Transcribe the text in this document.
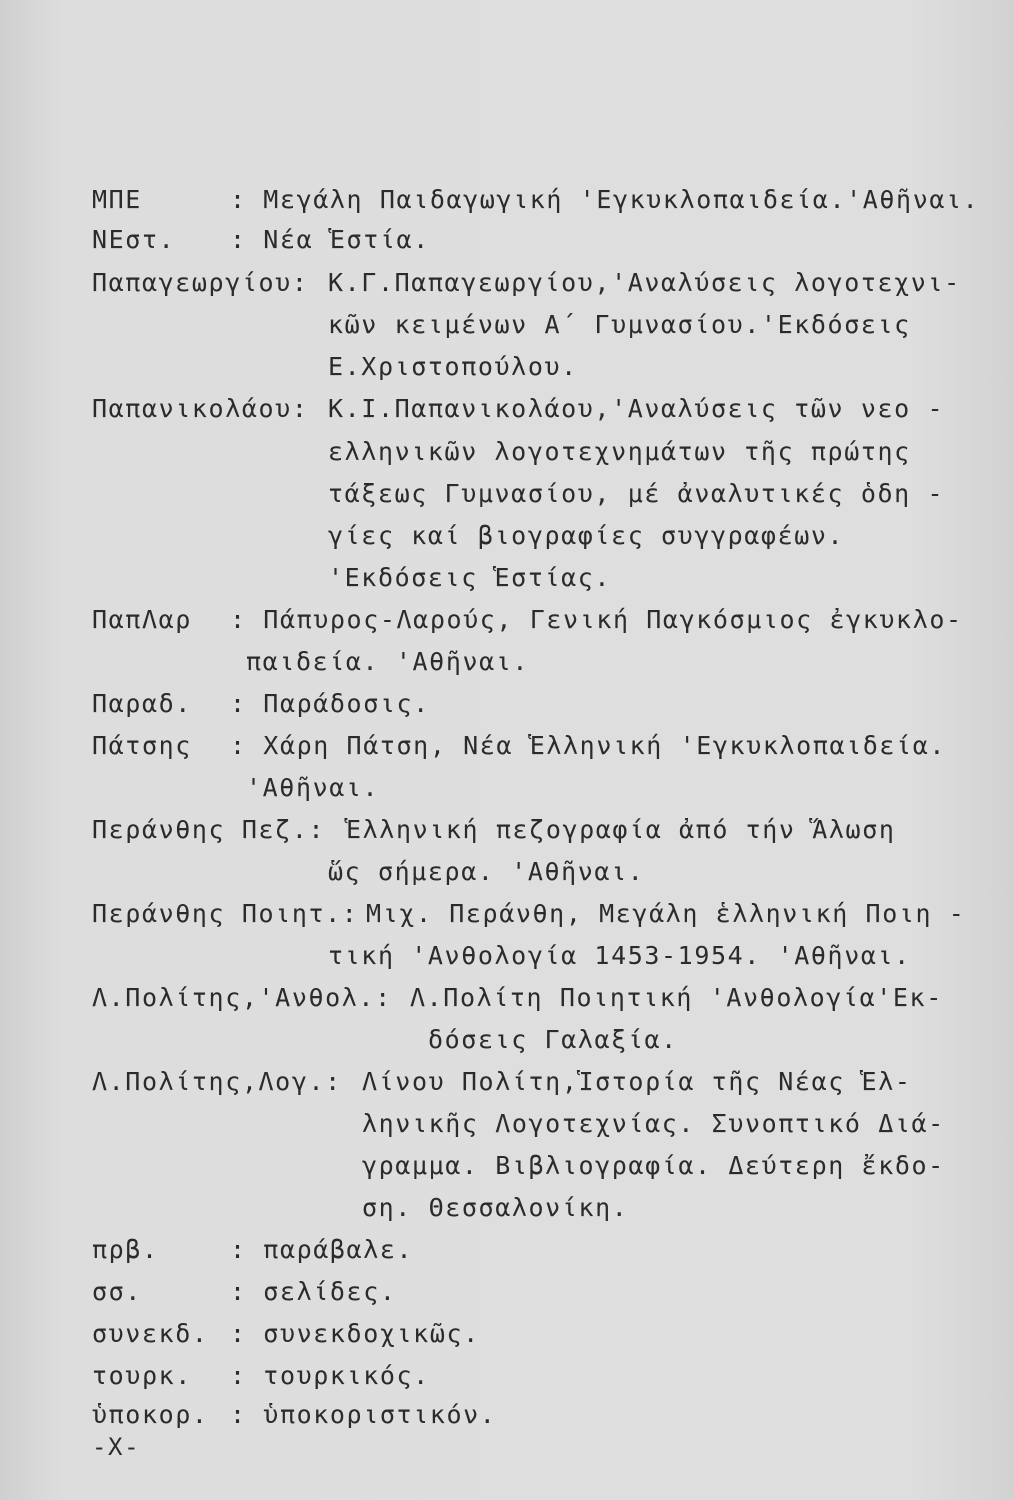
ΜΠΕ	: Μεγάλη Παιδαγωγική 'Εγκυκλοπαιδεία.'Αθῆναι.
ΝΕστ. : Νέα Ἑστία.
Παπαγεωργίου: Κ.Γ.Παπαγεωργίου,'Αναλύσεις λογοτεχνι-
κῶν κειμένων Α΄ Γυμνασίου.'Εκδόσεις
Ε.Χριστοπούλου.
Παπανικολάου: Κ.Ι.Παπανικολάου,'Αναλύσεις τῶν νεο -
ελληνικῶν λογοτεχνημάτων τῆς πρώτης
τάξεως Γυμνασίου, μέ ἀναλυτικές ὁδη -
γίες καί βιογραφίες συγγραφέων.
'Εκδόσεις Ἑστίας.
ΠαπΛαρ : Πάπυρος-Λαρούς, Γενική Παγκόσμιος ἐγκυκλο-
παιδεία. 'Αθῆναι.
Παραδ. : Παράδοσις.
Πάτσης : Χάρη Πάτση, Νέα Ἑλληνική 'Εγκυκλοπαιδεία.
'Αθῆναι.
Περάνθης Πεζ.: Ἑλληνική πεζογραφία ἀπό τήν Ἅλωση
ὥς σήμερα. 'Αθῆναι.
Περάνθης Ποιητ.: Μιχ. Περάνθη, Μεγάλη ἑλληνική Ποιη -
τική 'Ανθολογία 1453-1954. 'Αθῆναι.
Λ.Πολίτης,'Ανθολ.: Λ.Πολίτη Ποιητική 'Ανθολογία'Εκ-
δόσεις Γαλαξία.
Λ.Πολίτης,Λογ.: Λίνου Πολίτη,Ἱστορία τῆς Νέας Ἑλ-
ληνικῆς Λογοτεχνίας. Συνοπτικό Διά-
γραμμα. Βιβλιογραφία. Δεύτερη ἔκδο-
ση. Θεσσαλονίκη.
πρβ.	: παράβαλε.
σσ.	: σελίδες.
συνεκδ. : συνεκδοχικῶς.
τουρκ. : τουρκικός.
ὑποκορ. : ὑποκοριστικόν.
-X-
